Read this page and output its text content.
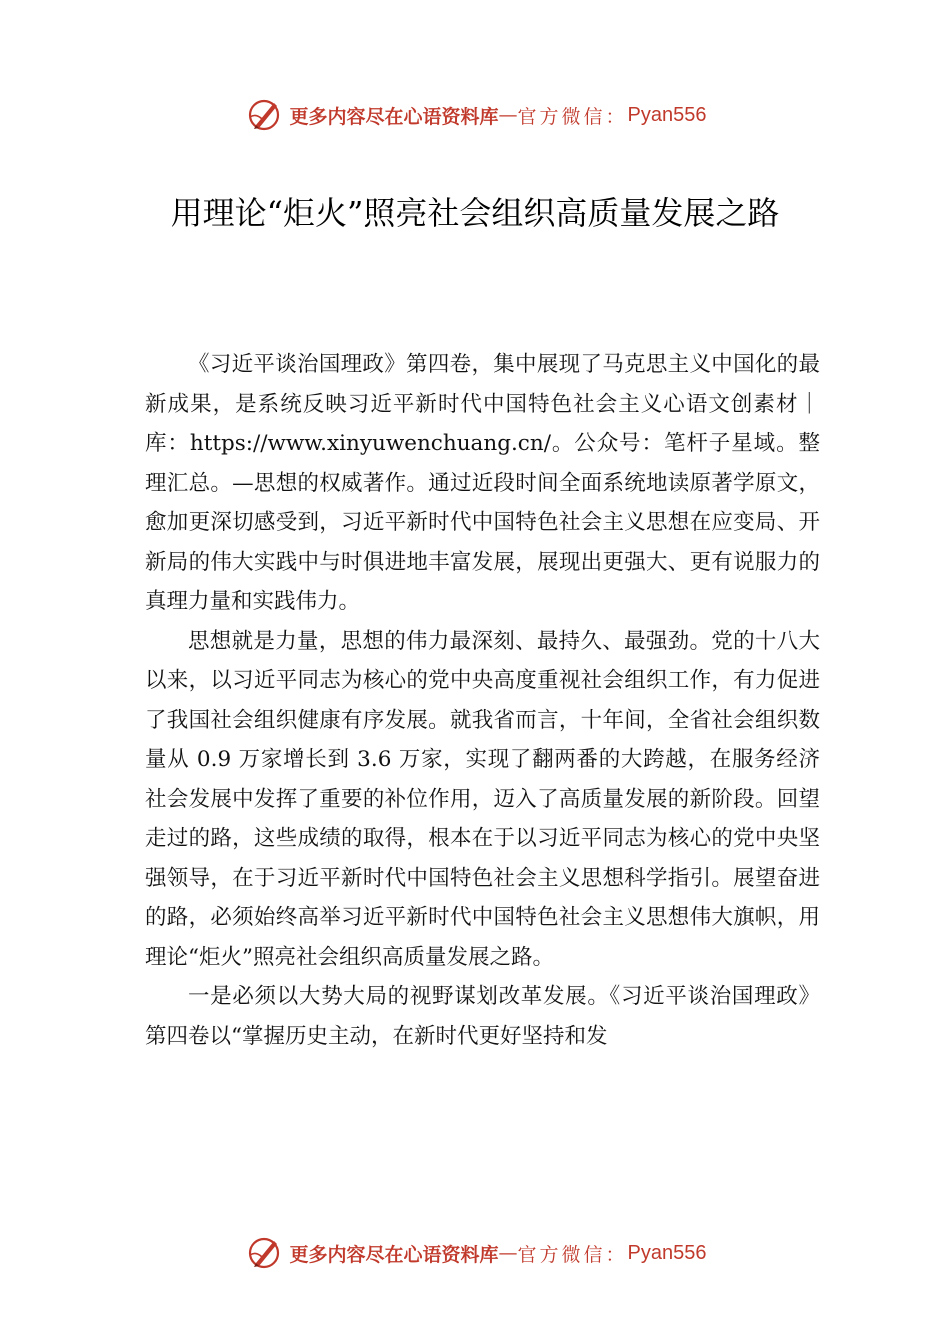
更多内容尽在心语资料库 — 官方微信： Pyan556
用理论“炬火”照亮社会组织高质量发展之路

《习近平谈治国理政》第四卷，集中展现了马克思主义中国化的最新成果，是系统反映习近平新时代中国特色社会主义心语文创素材｜库：https://www.xinyuwenchuang.cn/。公众号：笔杆子星域。整理汇总。—思想的权威著作。通过近段时间全面系统地读原著学原文，愈加更深切感受到，习近平新时代中国特色社会主义思想在应变局、开新局的伟大实践中与时俱进地丰富发展，展现出更强大、更有说服力的真理力量和实践伟力。

思想就是力量，思想的伟力最深刻、最持久、最强劲。党的十八大以来，以习近平同志为核心的党中央高度重视社会组织工作，有力促进了我国社会组织健康有序发展。就我省而言，十年间，全省社会组织数量从 0.9 万家增长到 3.6 万家，实现了翻两番的大跨越，在服务经济社会发展中发挥了重要的补位作用，迈入了高质量发展的新阶段。回望走过的路，这些成绩的取得，根本在于以习近平同志为核心的党中央坚强领导，在于习近平新时代中国特色社会主义思想科学指引。展望奋进的路，必须始终高举习近平新时代中国特色社会主义思想伟大旗帜，用理论“炬火”照亮社会组织高质量发展之路。

一是必须以大势大局的视野谋划改革发展。《习近平谈治国理政》第四卷以“掌握历史主动，在新时代更好坚持和发

更多内容尽在心语资料库 — 官方微信： Pyan556
